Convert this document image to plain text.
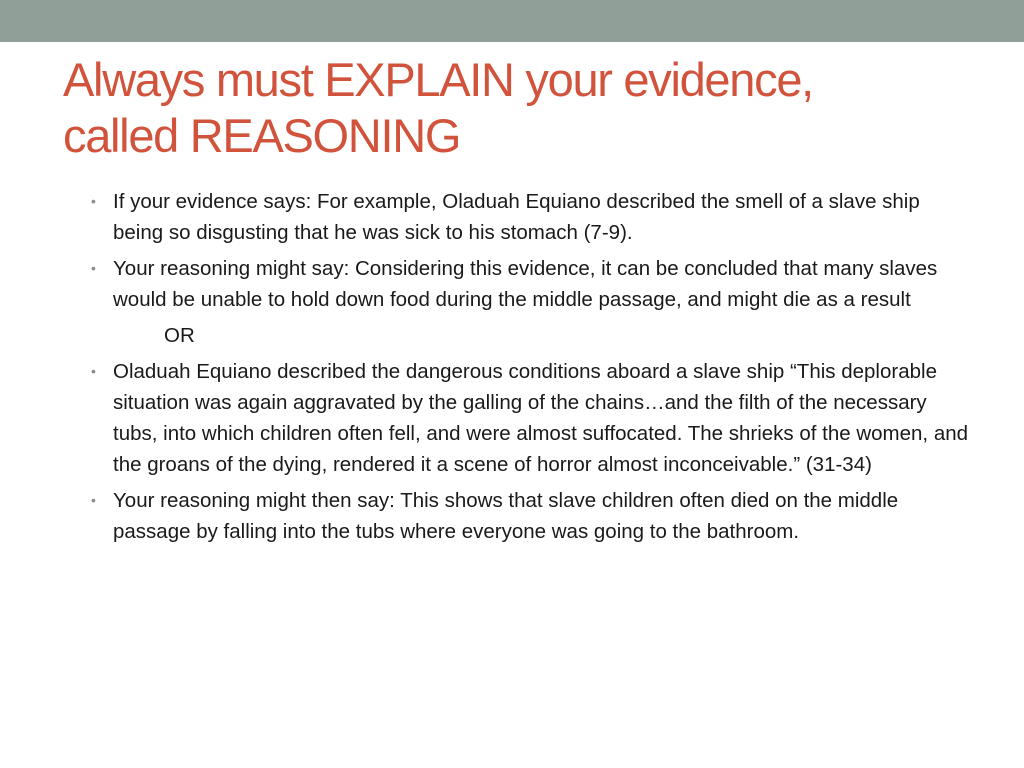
Always must EXPLAIN your evidence,
called REASONING
• If your evidence says: For example, Oladuah Equiano described the smell of a slave ship being so disgusting that he was sick to his stomach (7-9).
• Your reasoning might say: Considering this evidence, it can be concluded that many slaves would be unable to hold down food during the middle passage, and might die as a result
OR
• Oladuah Equiano described the dangerous conditions aboard a slave ship “This deplorable situation was again aggravated by the galling of the chains…and the filth of the necessary tubs, into which children often fell, and were almost suffocated. The shrieks of the women, and the groans of the dying, rendered it a scene of horror almost inconceivable.” (31-34)
• Your reasoning might then say: This shows that slave children often died on the middle passage by falling into the tubs where everyone was going to the bathroom.
